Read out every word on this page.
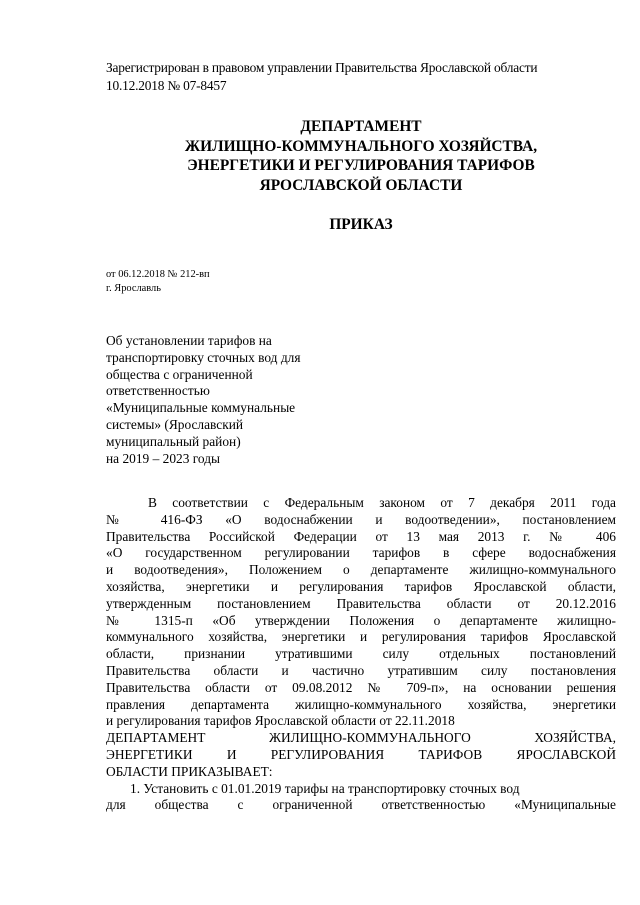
Зарегистрирован в правовом управлении Правительства Ярославской области
10.12.2018 № 07-8457
ДЕПАРТАМЕНТ
ЖИЛИЩНО-КОММУНАЛЬНОГО ХОЗЯЙСТВА,
ЭНЕРГЕТИКИ И РЕГУЛИРОВАНИЯ ТАРИФОВ
ЯРОСЛАВСКОЙ ОБЛАСТИ
ПРИКАЗ
от 06.12.2018 № 212-вп
г. Ярославль
Об установлении тарифов на
транспортировку сточных вод для
общества с ограниченной
ответственностью
«Муниципальные коммунальные
системы» (Ярославский
муниципальный район)
на 2019 – 2023 годы
В соответствии с Федеральным законом от 7 декабря 2011 года
№ 416-ФЗ «О водоснабжении и водоотведении», постановлением
Правительства Российской Федерации от 13 мая 2013 г. № 406
«О государственном регулировании тарифов в сфере водоснабжения
и водоотведения», Положением о департаменте жилищно-коммунального
хозяйства, энергетики и регулирования тарифов Ярославской области,
утвержденным постановлением Правительства области от 20.12.2016
№ 1315-п «Об утверждении Положения о департаменте жилищно-
коммунального хозяйства, энергетики и регулирования тарифов Ярославской
области, признании утратившими силу отдельных постановлений
Правительства области и частично утратившим силу постановления
Правительства области от 09.08.2012 № 709-п», на основании решения
правления департамента жилищно-коммунального хозяйства, энергетики
и регулирования тарифов Ярославской области от 22.11.2018
ДЕПАРТАМЕНТ ЖИЛИЩНО-КОММУНАЛЬНОГО ХОЗЯЙСТВА,
ЭНЕРГЕТИКИ И РЕГУЛИРОВАНИЯ ТАРИФОВ ЯРОСЛАВСКОЙ
ОБЛАСТИ ПРИКАЗЫВАЕТ:
1. Установить с 01.01.2019 тарифы на транспортировку сточных вод
для общества с ограниченной ответственностью «Муниципальные
